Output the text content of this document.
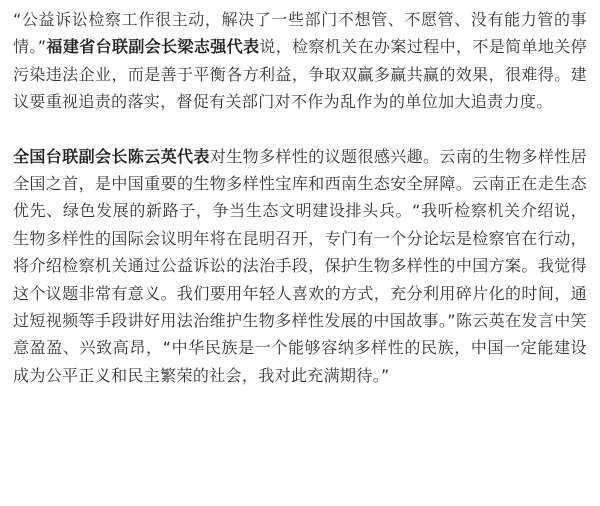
“公益诉讼检察工作很主动，解决了一些部门不想管、不愿管、没有能力管的事情。”福建省台联副会长梁志强代表说，检察机关在办案过程中，不是简单地关停污染违法企业，而是善于平衡各方利益，争取双赢多赢共赢的效果，很难得。建议要重视追责的落实，督促有关部门对不作为乱作为的单位加大追责力度。

全国台联副会长陈云英代表对生物多样性的议题很感兴趣。云南的生物多样性居全国之首，是中国重要的生物多样性宝库和西南生态安全屏障。云南正在走生态优先、绿色发展的新路子，争当生态文明建设排头兵。“我听检察机关介绍说，生物多样性的国际会议明年将在昆明召开，专门有一个分论坛是检察官在行动，将介绍检察机关通过公益诉讼的法治手段，保护生物多样性的中国方案。我觉得这个议题非常有意义。我们要用年轻人喜欢的方式，充分利用碎片化的时间，通过短视频等手段讲好用法治维护生物多样性发展的中国故事。”陈云英在发言中笑意盈盈、兴致高昂，“中华民族是一个能够容纳多样性的民族，中国一定能建设成为公平正义和民主繁荣的社会，我对此充满期待。”
